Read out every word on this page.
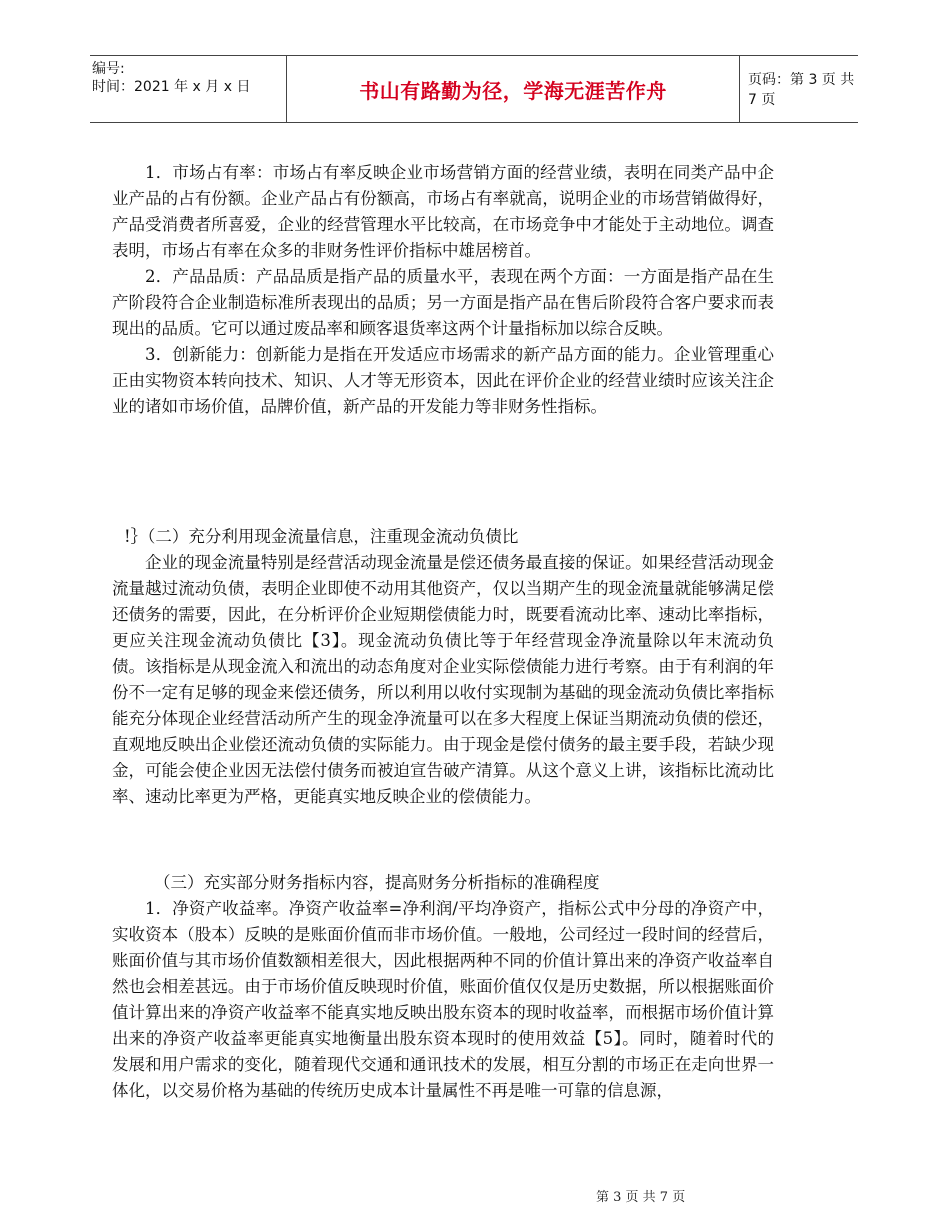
编号:
时间：2021 年 x 月 x 日	书山有路勤为径，学海无涯苦作舟	页码：第 3 页 共 7 页

1．市场占有率：市场占有率反映企业市场营销方面的经营业绩，表明在同类产品中企业产品的占有份额。企业产品占有份额高，市场占有率就高，说明企业的市场营销做得好，产品受消费者所喜爱，企业的经营管理水平比较高，在市场竞争中才能处于主动地位。调查表明，市场占有率在众多的非财务性评价指标中雄居榜首。

2．产品品质：产品品质是指产品的质量水平，表现在两个方面：一方面是指产品在生产阶段符合企业制造标准所表现出的品质；另一方面是指产品在售后阶段符合客户要求而表现出的品质。它可以通过废品率和顾客退货率这两个计量指标加以综合反映。

3．创新能力：创新能力是指在开发适应市场需求的新产品方面的能力。企业管理重心正由实物资本转向技术、知识、人才等无形资本，因此在评价企业的经营业绩时应该关注企业的诸如市场价值，品牌价值，新产品的开发能力等非财务性指标。

!｝（二）充分利用现金流量信息，注重现金流动负债比

企业的现金流量特别是经营活动现金流量是偿还债务最直接的保证。如果经营活动现金流量越过流动负债，表明企业即使不动用其他资产，仅以当期产生的现金流量就能够满足偿还债务的需要，因此，在分析评价企业短期偿债能力时，既要看流动比率、速动比率指标，更应关注现金流动负债比【3】。现金流动负债比等于年经营现金净流量除以年末流动负债。该指标是从现金流入和流出的动态角度对企业实际偿债能力进行考察。由于有利润的年份不一定有足够的现金来偿还债务，所以利用以收付实现制为基础的现金流动负债比率指标能充分体现企业经营活动所产生的现金净流量可以在多大程度上保证当期流动负债的偿还，直观地反映出企业偿还流动负债的实际能力。由于现金是偿付债务的最主要手段，若缺少现金，可能会使企业因无法偿付债务而被迫宣告破产清算。从这个意义上讲，该指标比流动比率、速动比率更为严格，更能真实地反映企业的偿债能力。

（三）充实部分财务指标内容，提高财务分析指标的准确程度

1．净资产收益率。净资产收益率=净利润/平均净资产，指标公式中分母的净资产中，实收资本（股本）反映的是账面价值而非市场价值。一般地，公司经过一段时间的经营后，账面价值与其市场价值数额相差很大，因此根据两种不同的价值计算出来的净资产收益率自然也会相差甚远。由于市场价值反映现时价值，账面价值仅仅是历史数据，所以根据账面价值计算出来的净资产收益率不能真实地反映出股东资本的现时收益率，而根据市场价值计算出来的净资产收益率更能真实地衡量出股东资本现时的使用效益【5】。同时，随着时代的发展和用户需求的变化，随着现代交通和通讯技术的发展，相互分割的市场正在走向世界一体化，以交易价格为基础的传统历史成本计量属性不再是唯一可靠的信息源，

第 3 页 共 7 页
